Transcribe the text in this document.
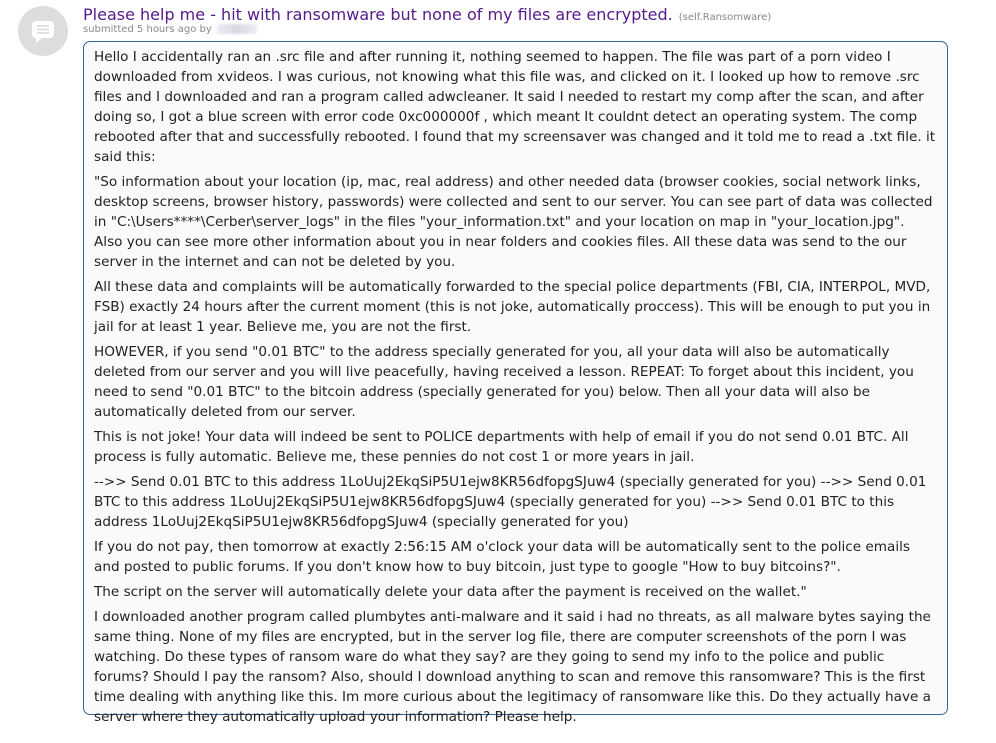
Please help me - hit with ransomware but none of my files are encrypted. (self.Ransomware)
submitted 5 hours ago by

Hello I accidentally ran an .src file and after running it, nothing seemed to happen. The file was part of a porn video I downloaded from xvideos. I was curious, not knowing what this file was, and clicked on it. I looked up how to remove .src files and I downloaded and ran a program called adwcleaner. It said I needed to restart my comp after the scan, and after doing so, I got a blue screen with error code 0xc000000f , which meant It couldnt detect an operating system. The comp rebooted after that and successfully rebooted. I found that my screensaver was changed and it told me to read a .txt file. it said this:

"So information about your location (ip, mac, real address) and other needed data (browser cookies, social network links, desktop screens, browser history, passwords) were collected and sent to our server. You can see part of data was collected in "C:\Users****\Cerber\server_logs" in the files "your_information.txt" and your location on map in "your_location.jpg". Also you can see more other information about you in near folders and cookies files. All these data was send to the our server in the internet and can not be deleted by you.

All these data and complaints will be automatically forwarded to the special police departments (FBI, CIA, INTERPOL, MVD, FSB) exactly 24 hours after the current moment (this is not joke, automatically proccess). This will be enough to put you in jail for at least 1 year. Believe me, you are not the first.

HOWEVER, if you send "0.01 BTC" to the address specially generated for you, all your data will also be automatically deleted from our server and you will live peacefully, having received a lesson. REPEAT: To forget about this incident, you need to send "0.01 BTC" to the bitcoin address (specially generated for you) below. Then all your data will also be automatically deleted from our server.

This is not joke! Your data will indeed be sent to POLICE departments with help of email if you do not send 0.01 BTC. All process is fully automatic. Believe me, these pennies do not cost 1 or more years in jail.

-->> Send 0.01 BTC to this address 1LoUuj2EkqSiP5U1ejw8KR56dfopgSJuw4 (specially generated for you) -->> Send 0.01 BTC to this address 1LoUuj2EkqSiP5U1ejw8KR56dfopgSJuw4 (specially generated for you) -->> Send 0.01 BTC to this address 1LoUuj2EkqSiP5U1ejw8KR56dfopgSJuw4 (specially generated for you)

If you do not pay, then tomorrow at exactly 2:56:15 AM o'clock your data will be automatically sent to the police emails and posted to public forums. If you don't know how to buy bitcoin, just type to google "How to buy bitcoins?".

The script on the server will automatically delete your data after the payment is received on the wallet."

I downloaded another program called plumbytes anti-malware and it said i had no threats, as all malware bytes saying the same thing. None of my files are encrypted, but in the server log file, there are computer screenshots of the porn I was watching. Do these types of ransom ware do what they say? are they going to send my info to the police and public forums? Should I pay the ransom? Also, should I download anything to scan and remove this ransomware? This is the first time dealing with anything like this. Im more curious about the legitimacy of ransomware like this. Do they actually have a server where they automatically upload your information? Please help.
